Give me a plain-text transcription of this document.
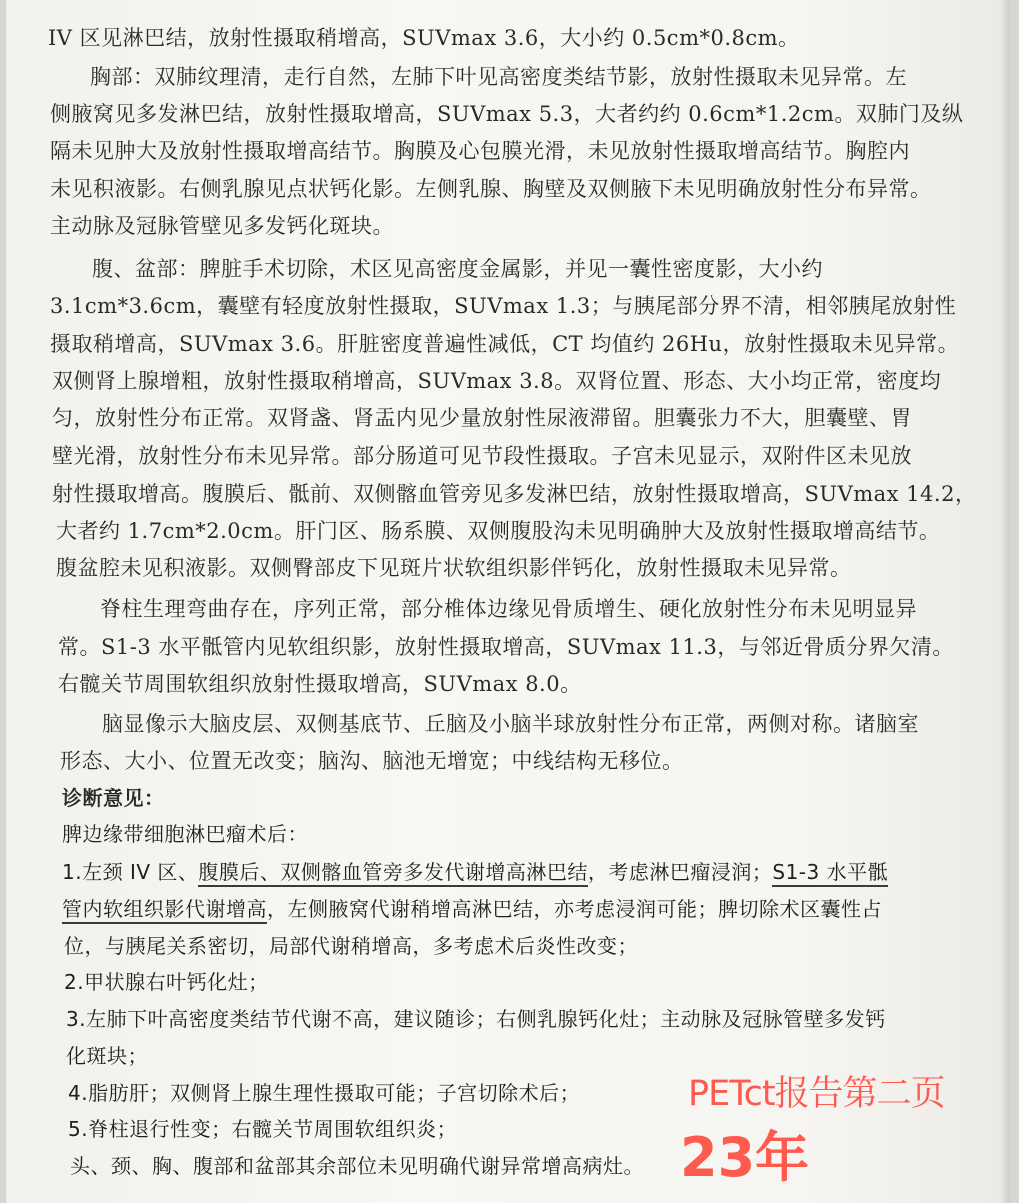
IV 区见淋巴结，放射性摄取稍增高，SUVmax 3.6，大小约 0.5cm*0.8cm。
胸部：双肺纹理清，走行自然，左肺下叶见高密度类结节影，放射性摄取未见异常。左
侧腋窝见多发淋巴结，放射性摄取增高，SUVmax 5.3，大者约约 0.6cm*1.2cm。双肺门及纵
隔未见肿大及放射性摄取增高结节。胸膜及心包膜光滑，未见放射性摄取增高结节。胸腔内
未见积液影。右侧乳腺见点状钙化影。左侧乳腺、胸壁及双侧腋下未见明确放射性分布异常。
主动脉及冠脉管壁见多发钙化斑块。
腹、盆部：脾脏手术切除，术区见高密度金属影，并见一囊性密度影，大小约
3.1cm*3.6cm，囊壁有轻度放射性摄取，SUVmax 1.3；与胰尾部分界不清，相邻胰尾放射性
摄取稍增高，SUVmax 3.6。肝脏密度普遍性减低，CT 均值约 26Hu，放射性摄取未见异常。
双侧肾上腺增粗，放射性摄取稍增高，SUVmax 3.8。双肾位置、形态、大小均正常，密度均
匀，放射性分布正常。双肾盏、肾盂内见少量放射性尿液滞留。胆囊张力不大，胆囊壁、胃
壁光滑，放射性分布未见异常。部分肠道可见节段性摄取。子宫未见显示，双附件区未见放
射性摄取增高。腹膜后、骶前、双侧髂血管旁见多发淋巴结，放射性摄取增高，SUVmax 14.2，
大者约 1.7cm*2.0cm。肝门区、肠系膜、双侧腹股沟未见明确肿大及放射性摄取增高结节。
腹盆腔未见积液影。双侧臀部皮下见斑片状软组织影伴钙化，放射性摄取未见异常。
脊柱生理弯曲存在，序列正常，部分椎体边缘见骨质增生、硬化放射性分布未见明显异
常。S1-3 水平骶管内见软组织影，放射性摄取增高，SUVmax 11.3，与邻近骨质分界欠清。
右髋关节周围软组织放射性摄取增高，SUVmax 8.0。
脑显像示大脑皮层、双侧基底节、丘脑及小脑半球放射性分布正常，两侧对称。诸脑室
形态、大小、位置无改变；脑沟、脑池无增宽；中线结构无移位。
诊断意见：
脾边缘带细胞淋巴瘤术后：
1.左颈 IV 区、腹膜后、双侧髂血管旁多发代谢增高淋巴结，考虑淋巴瘤浸润；S1-3 水平骶
管内软组织影代谢增高，左侧腋窝代谢稍增高淋巴结，亦考虑浸润可能；脾切除术区囊性占
位，与胰尾关系密切，局部代谢稍增高，多考虑术后炎性改变；
2.甲状腺右叶钙化灶；
3.左肺下叶高密度类结节代谢不高，建议随诊；右侧乳腺钙化灶；主动脉及冠脉管壁多发钙
化斑块；
4.脂肪肝；双侧肾上腺生理性摄取可能；子宫切除术后；
5.脊柱退行性变；右髋关节周围软组织炎；
头、颈、胸、腹部和盆部其余部位未见明确代谢异常增高病灶。
PETct报告第二页
23年
